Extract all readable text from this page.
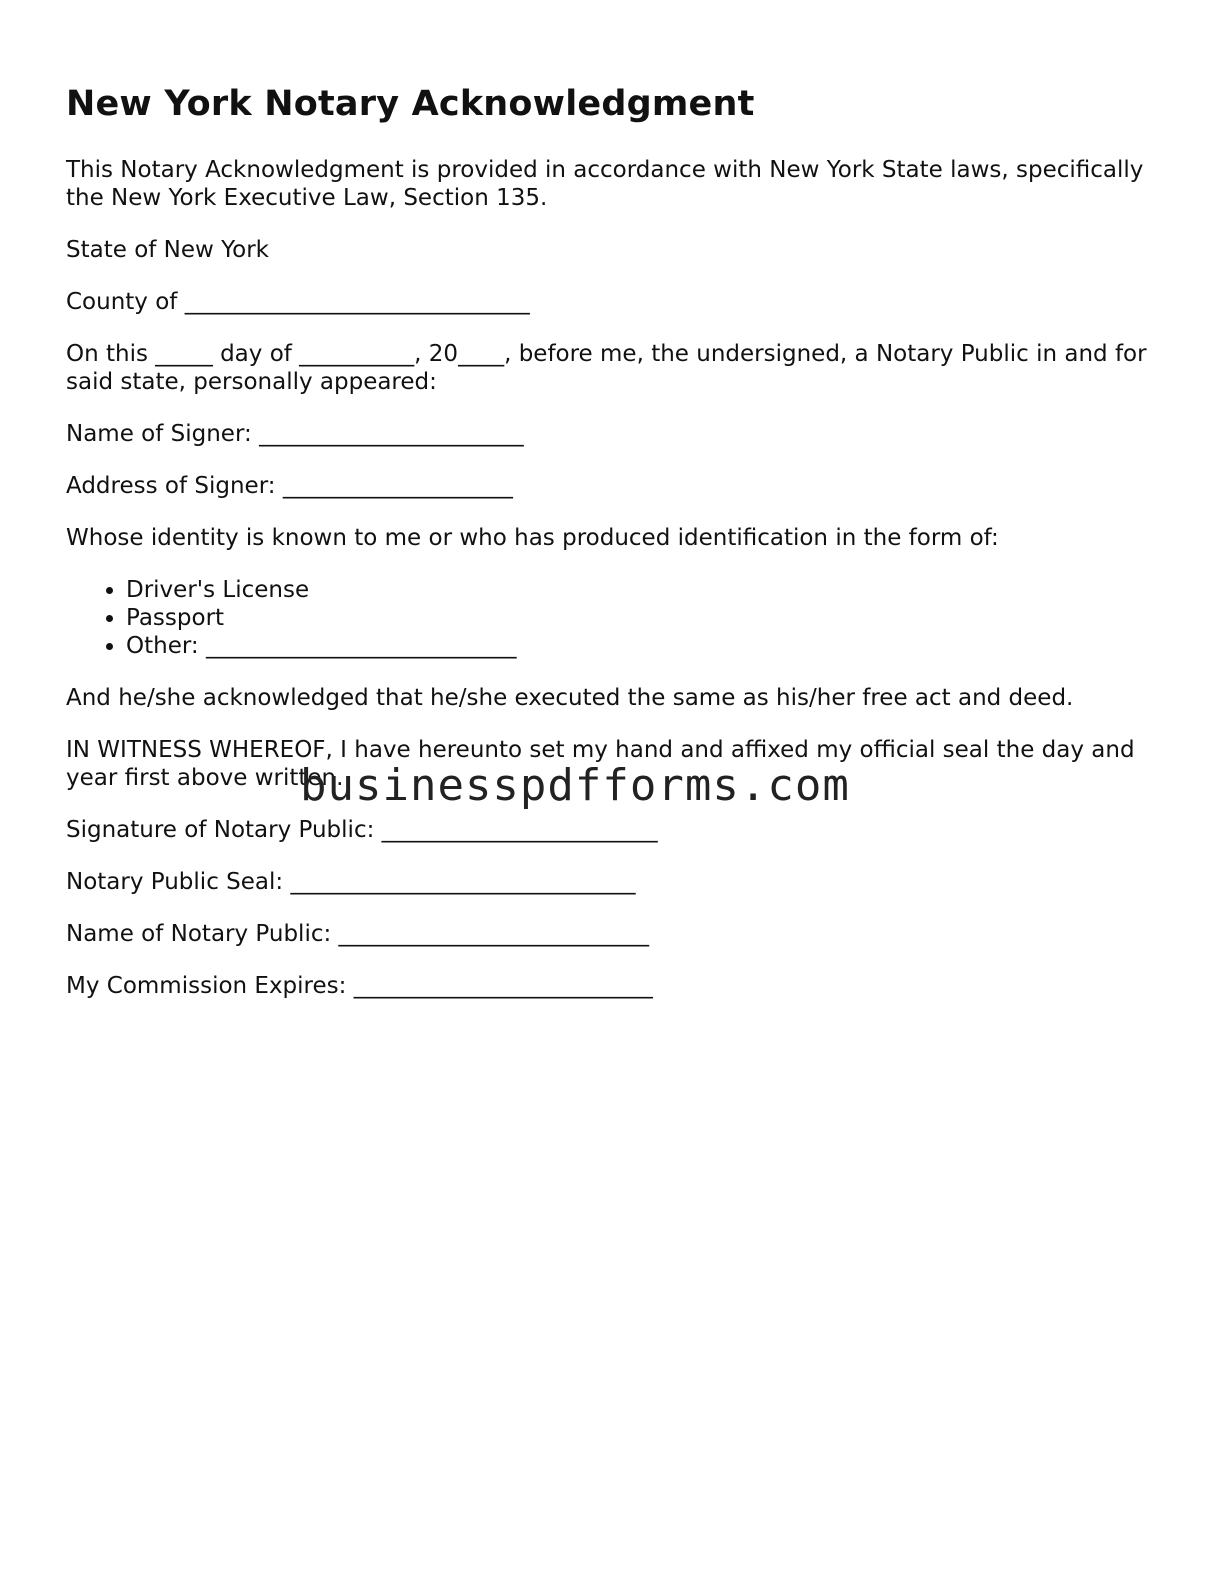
New York Notary Acknowledgment

This Notary Acknowledgment is provided in accordance with New York State laws, specifically the New York Executive Law, Section 135.

State of New York

County of ______________________________

On this _____ day of __________, 20____, before me, the undersigned, a Notary Public in and for said state, personally appeared:

Name of Signer: _______________________

Address of Signer: ____________________

Whose identity is known to me or who has produced identification in the form of:

• Driver's License
• Passport
• Other: ___________________________

And he/she acknowledged that he/she executed the same as his/her free act and deed.

IN WITNESS WHEREOF, I have hereunto set my hand and affixed my official seal the day and year first above written.

Signature of Notary Public: ________________________

Notary Public Seal: ______________________________

Name of Notary Public: ___________________________

My Commission Expires: __________________________

businesspdfforms.com
